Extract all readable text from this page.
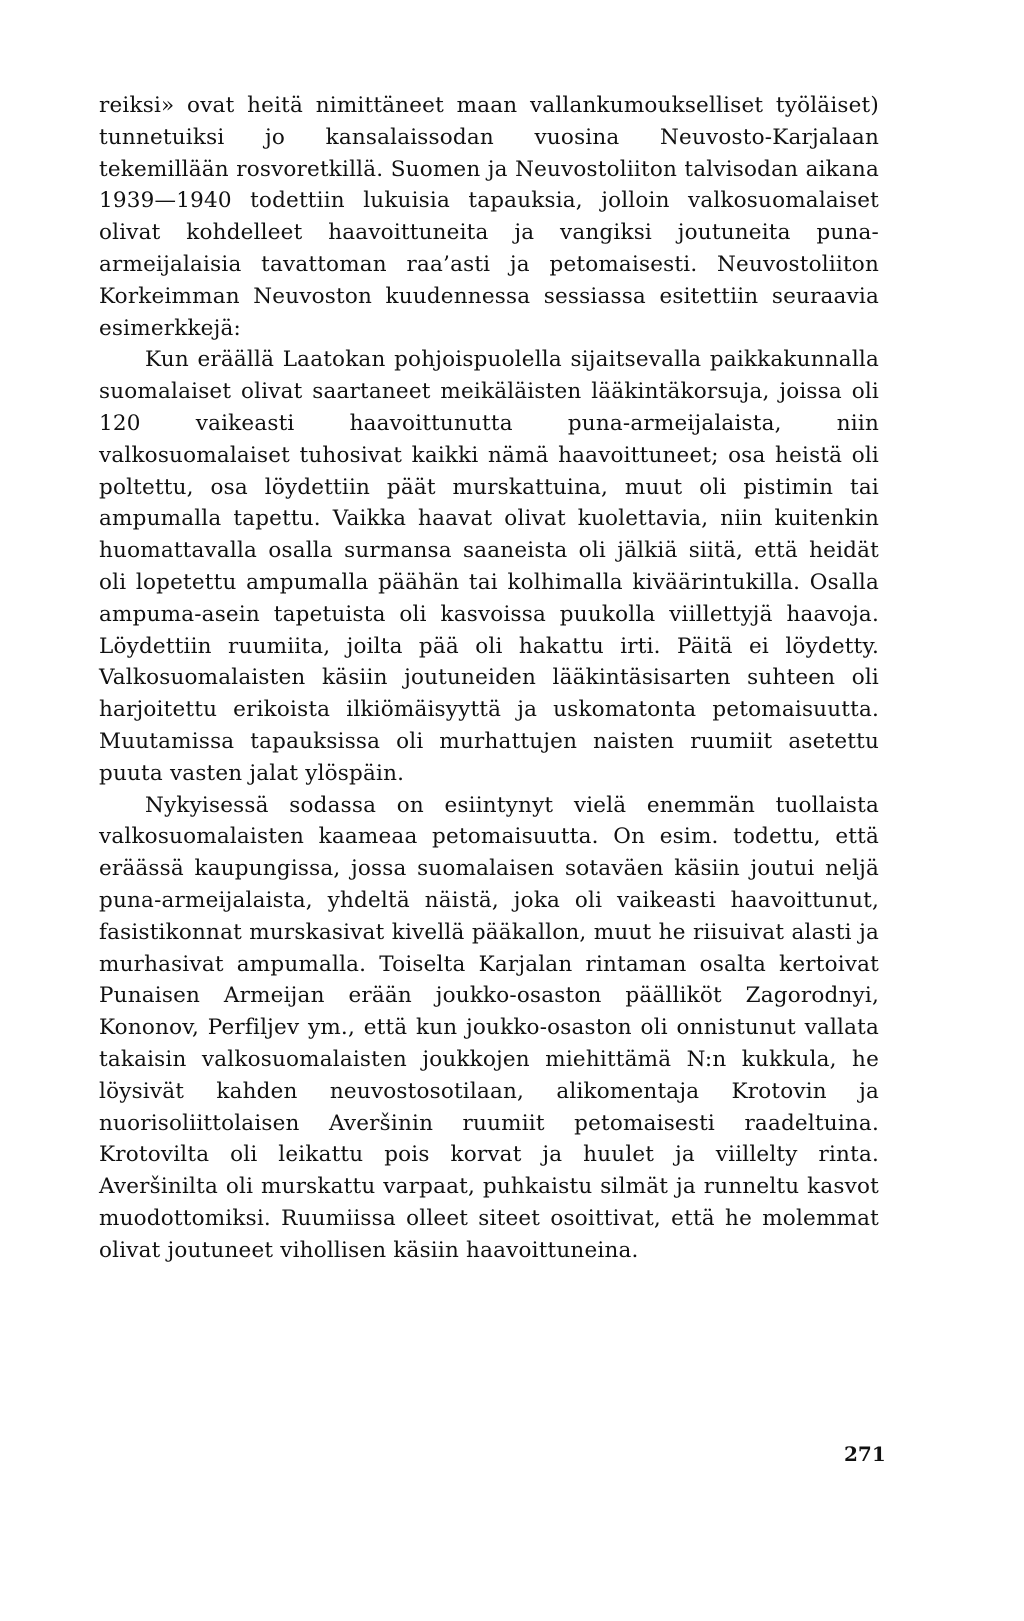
reiksi» ovat heitä nimittäneet maan vallankumoukselliset työläiset) tunnetuiksi jo kansalaissodan vuosina Neuvosto-Karjalaan tekemillään rosvoretkillä. Suomen ja Neuvostoliiton talvisodan aikana 1939—1940 todettiin lukuisia tapauksia, jolloin valkosuomalaiset olivat kohdelleet haavoittuneita ja vangiksi joutuneita puna-armeijalaisia tavattoman raa’asti ja petomaisesti. Neuvostoliiton Korkeimman Neuvoston kuudennessa sessiassa esitettiin seuraavia esimerkkejä:

Kun eräällä Laatokan pohjoispuolella sijaitsevalla paikkakunnalla suomalaiset olivat saartaneet meikäläisten lääkintäkorsuja, joissa oli 120 vaikeasti haavoittunutta puna-armeijalaista, niin valkosuomalaiset tuhosivat kaikki nämä haavoittuneet; osa heistä oli poltettu, osa löydettiin päät murskattuina, muut oli pistimin tai ampumalla tapettu. Vaikka haavat olivat kuolettavia, niin kuitenkin huomattavalla osalla surmansa saaneista oli jälkiä siitä, että heidät oli lopetettu ampumalla päähän tai kolhimalla kiväärintukilla. Osalla ampuma-asein tapetuista oli kasvoissa puukolla viillettyjä haavoja. Löydettiin ruumiita, joilta pää oli hakattu irti. Päitä ei löydetty. Valkosuomalaisten käsiin joutuneiden lääkintäsisarten suhteen oli harjoitettu erikoista ilkiömäisyyttä ja uskomatonta petomaisuutta. Muutamissa tapauksissa oli murhattujen naisten ruumiit asetettu puuta vasten jalat ylöspäin.

Nykyisessä sodassa on esiintynyt vielä enemmän tuollaista valkosuomalaisten kaameaa petomaisuutta. On esim. todettu, että eräässä kaupungissa, jossa suomalaisen sotaväen käsiin joutui neljä puna-armeijalaista, yhdeltä näistä, joka oli vaikeasti haavoittunut, fasistikonnat murskasivat kivellä pääkallon, muut he riisuivat alasti ja murhasivat ampumalla. Toiselta Karjalan rintaman osalta kertoivat Punaisen Armeijan erään joukko-osaston päälliköt Zagorodnyi, Kononov, Perfiljev ym., että kun joukko-osaston oli onnistunut vallata takaisin valkosuomalaisten joukkojen miehittämä N:n kukkula, he löysivät kahden neuvostosotilaan, alikomentaja Krotovin ja nuorisoliittolaisen Averšinin ruumiit petomaisesti raadeltuina. Krotovilta oli leikattu pois korvat ja huulet ja viillelty rinta. Averšinilta oli murskattu varpaat, puhkaistu silmät ja runneltu kasvot muodottomiksi. Ruumiissa olleet siteet osoittivat, että he molemmat olivat joutuneet vihollisen käsiin haavoittuneina.

271
